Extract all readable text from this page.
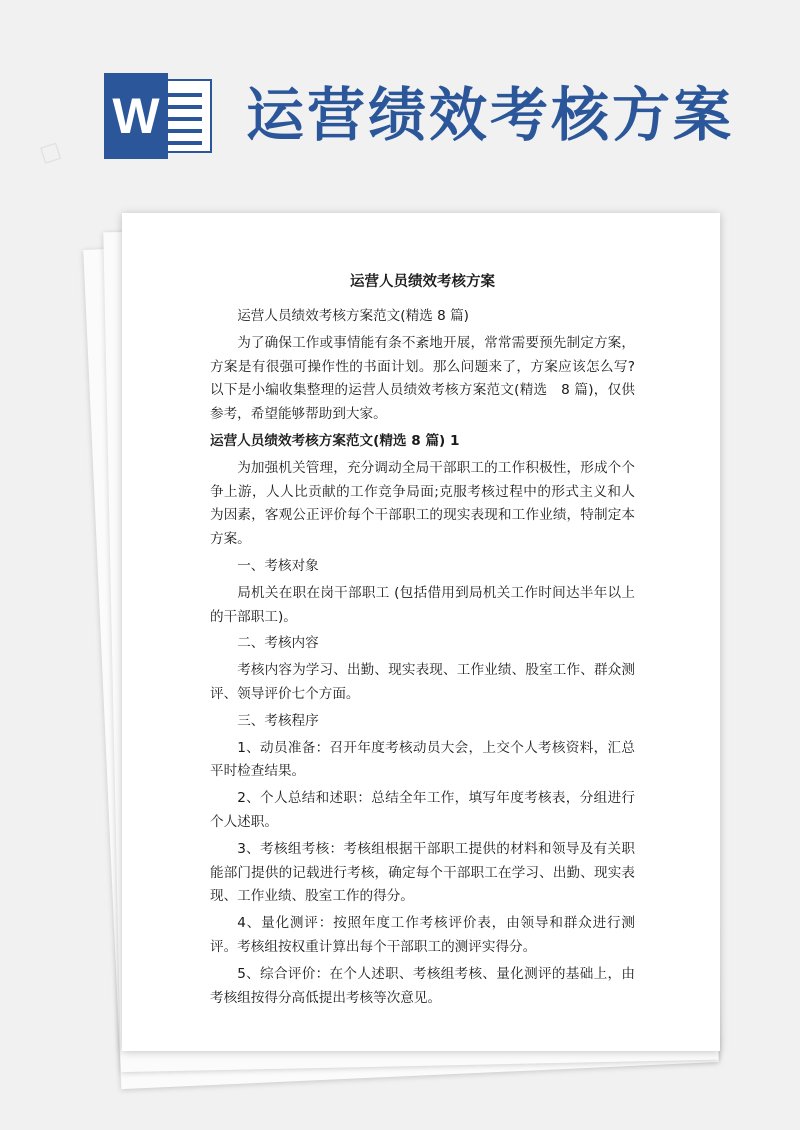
W 运营绩效考核方案
运营人员绩效考核方案

运营人员绩效考核方案范文(精选 8 篇)

为了确保工作或事情能有条不紊地开展，常常需要预先制定方案，方案是有很强可操作性的书面计划。那么问题来了，方案应该怎么写?以下是小编收集整理的运营人员绩效考核方案范文(精选　8 篇)，仅供参考，希望能够帮助到大家。

运营人员绩效考核方案范文(精选 8 篇) 1

为加强机关管理，充分调动全局干部职工的工作积极性，形成个个争上游，人人比贡献的工作竞争局面;克服考核过程中的形式主义和人为因素，客观公正评价每个干部职工的现实表现和工作业绩，特制定本方案。

一、考核对象

局机关在职在岗干部职工 (包括借用到局机关工作时间达半年以上的干部职工)。

二、考核内容

考核内容为学习、出勤、现实表现、工作业绩、股室工作、群众测评、领导评价七个方面。

三、考核程序

1、动员准备：召开年度考核动员大会，上交个人考核资料，汇总平时检查结果。

2、个人总结和述职：总结全年工作，填写年度考核表，分组进行个人述职。

3、考核组考核：考核组根据干部职工提供的材料和领导及有关职能部门提供的记载进行考核，确定每个干部职工在学习、出勤、现实表现、工作业绩、股室工作的得分。

4、量化测评：按照年度工作考核评价表，由领导和群众进行测评。考核组按权重计算出每个干部职工的测评实得分。

5、综合评价：在个人述职、考核组考核、量化测评的基础上，由考核组按得分高低提出考核等次意见。

□
